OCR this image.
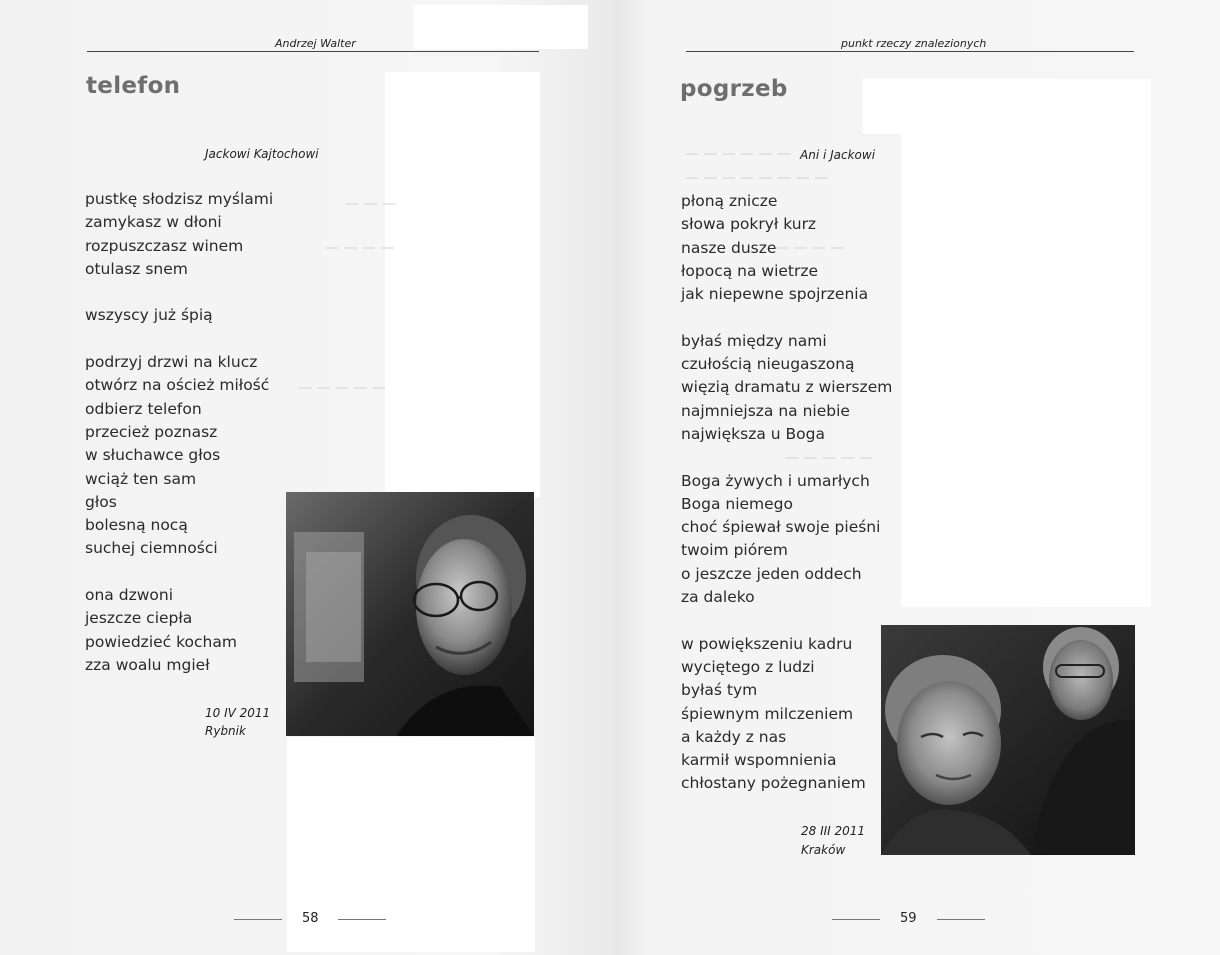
— — —
— — — —
— — — — —
Andrzej Walter
telefon
Jackowi Kajtochowi
pustkę słodzisz myślami
zamykasz w dłoni
rozpuszczasz winem
otulasz snem
wszyscy już śpią
podrzyj drzwi na klucz
otwórz na oścież miłość
odbierz telefon
przecież poznasz
w słuchawce głos
wciąż ten sam
głos
bolesną nocą
suchej ciemności
ona dzwoni
jeszcze ciepła
powiedzieć kocham
zza woalu mgieł
10 IV 2011
Rybnik
58
— — — — — —
— — — — — — — —
— — — —
— — — — —
punkt rzeczy znalezionych
pogrzeb
Ani i Jackowi
płoną znicze
słowa pokrył kurz
nasze dusze
łopocą na wietrze
jak niepewne spojrzenia
byłaś między nami
czułością nieugaszoną
więzią dramatu z wierszem
najmniejsza na niebie
największa u Boga
Boga żywych i umarłych
Boga niemego
choć śpiewał swoje pieśni
twoim piórem
o jeszcze jeden oddech
za daleko
w powiększeniu kadru
wyciętego z ludzi
byłaś tym
śpiewnym milczeniem
a każdy z nas
karmił wspomnienia
chłostany pożegnaniem
28 III 2011
Kraków
59
